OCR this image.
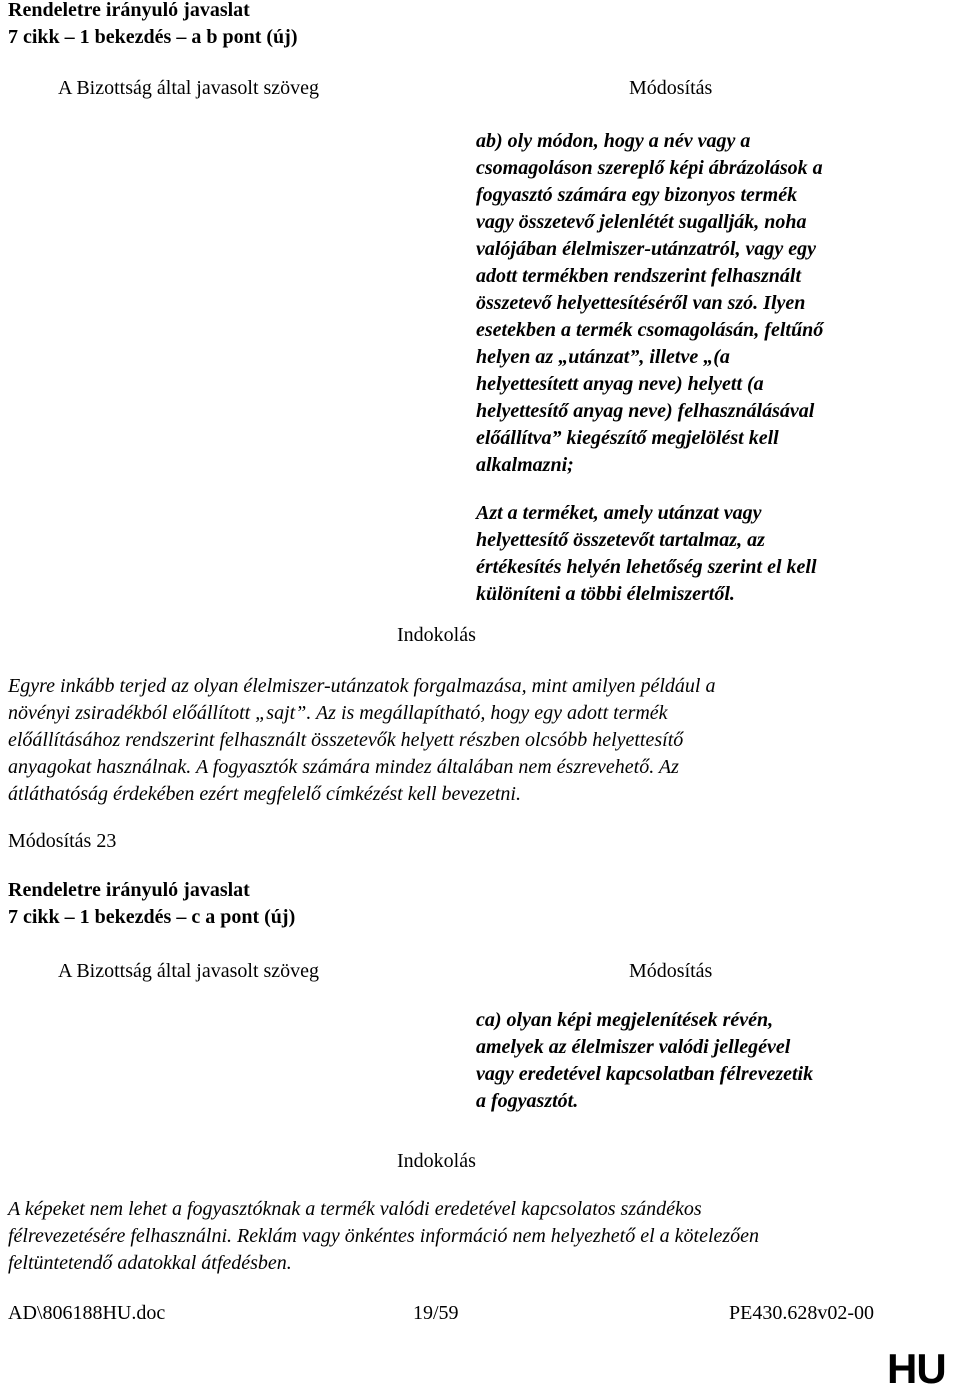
Rendeletre irányuló javaslat
7 cikk – 1 bekezdés – a b pont (új)
A Bizottság által javasolt szöveg	Módosítás
ab) oly módon, hogy a név vagy a
csomagoláson szereplő képi ábrázolások a
fogyasztó számára egy bizonyos termék
vagy összetevő jelenlétét sugallják, noha
valójában élelmiszer-utánzatról, vagy egy
adott termékben rendszerint felhasznált
összetevő helyettesítéséről van szó. Ilyen
esetekben a termék csomagolásán, feltűnő
helyen az „utánzat”, illetve „(a
helyettesített anyag neve) helyett (a
helyettesítő anyag neve) felhasználásával
előállítva” kiegészítő megjelölést kell
alkalmazni;
Azt a terméket, amely utánzat vagy
helyettesítő összetevőt tartalmaz, az
értékesítés helyén lehetőség szerint el kell
különíteni a többi élelmiszertől.
Indokolás
Egyre inkább terjed az olyan élelmiszer-utánzatok forgalmazása, mint amilyen például a
növényi zsiradékból előállított „sajt”. Az is megállapítható, hogy egy adott termék
előállításához rendszerint felhasznált összetevők helyett részben olcsóbb helyettesítő
anyagokat használnak. A fogyasztók számára mindez általában nem észrevehető. Az
átláthatóság érdekében ezért megfelelő címkézést kell bevezetni.
Módosítás 23
Rendeletre irányuló javaslat
7 cikk – 1 bekezdés – c a pont (új)
A Bizottság által javasolt szöveg	Módosítás
ca) olyan képi megjelenítések révén,
amelyek az élelmiszer valódi jellegével
vagy eredetével kapcsolatban félrevezetik
a fogyasztót.
Indokolás
A képeket nem lehet a fogyasztóknak a termék valódi eredetével kapcsolatos szándékos
félrevezetésére felhasználni. Reklám vagy önkéntes információ nem helyezhető el a kötelezően
feltüntetendő adatokkal átfedésben.
AD\806188HU.doc	19/59	PE430.628v02-00
HU
